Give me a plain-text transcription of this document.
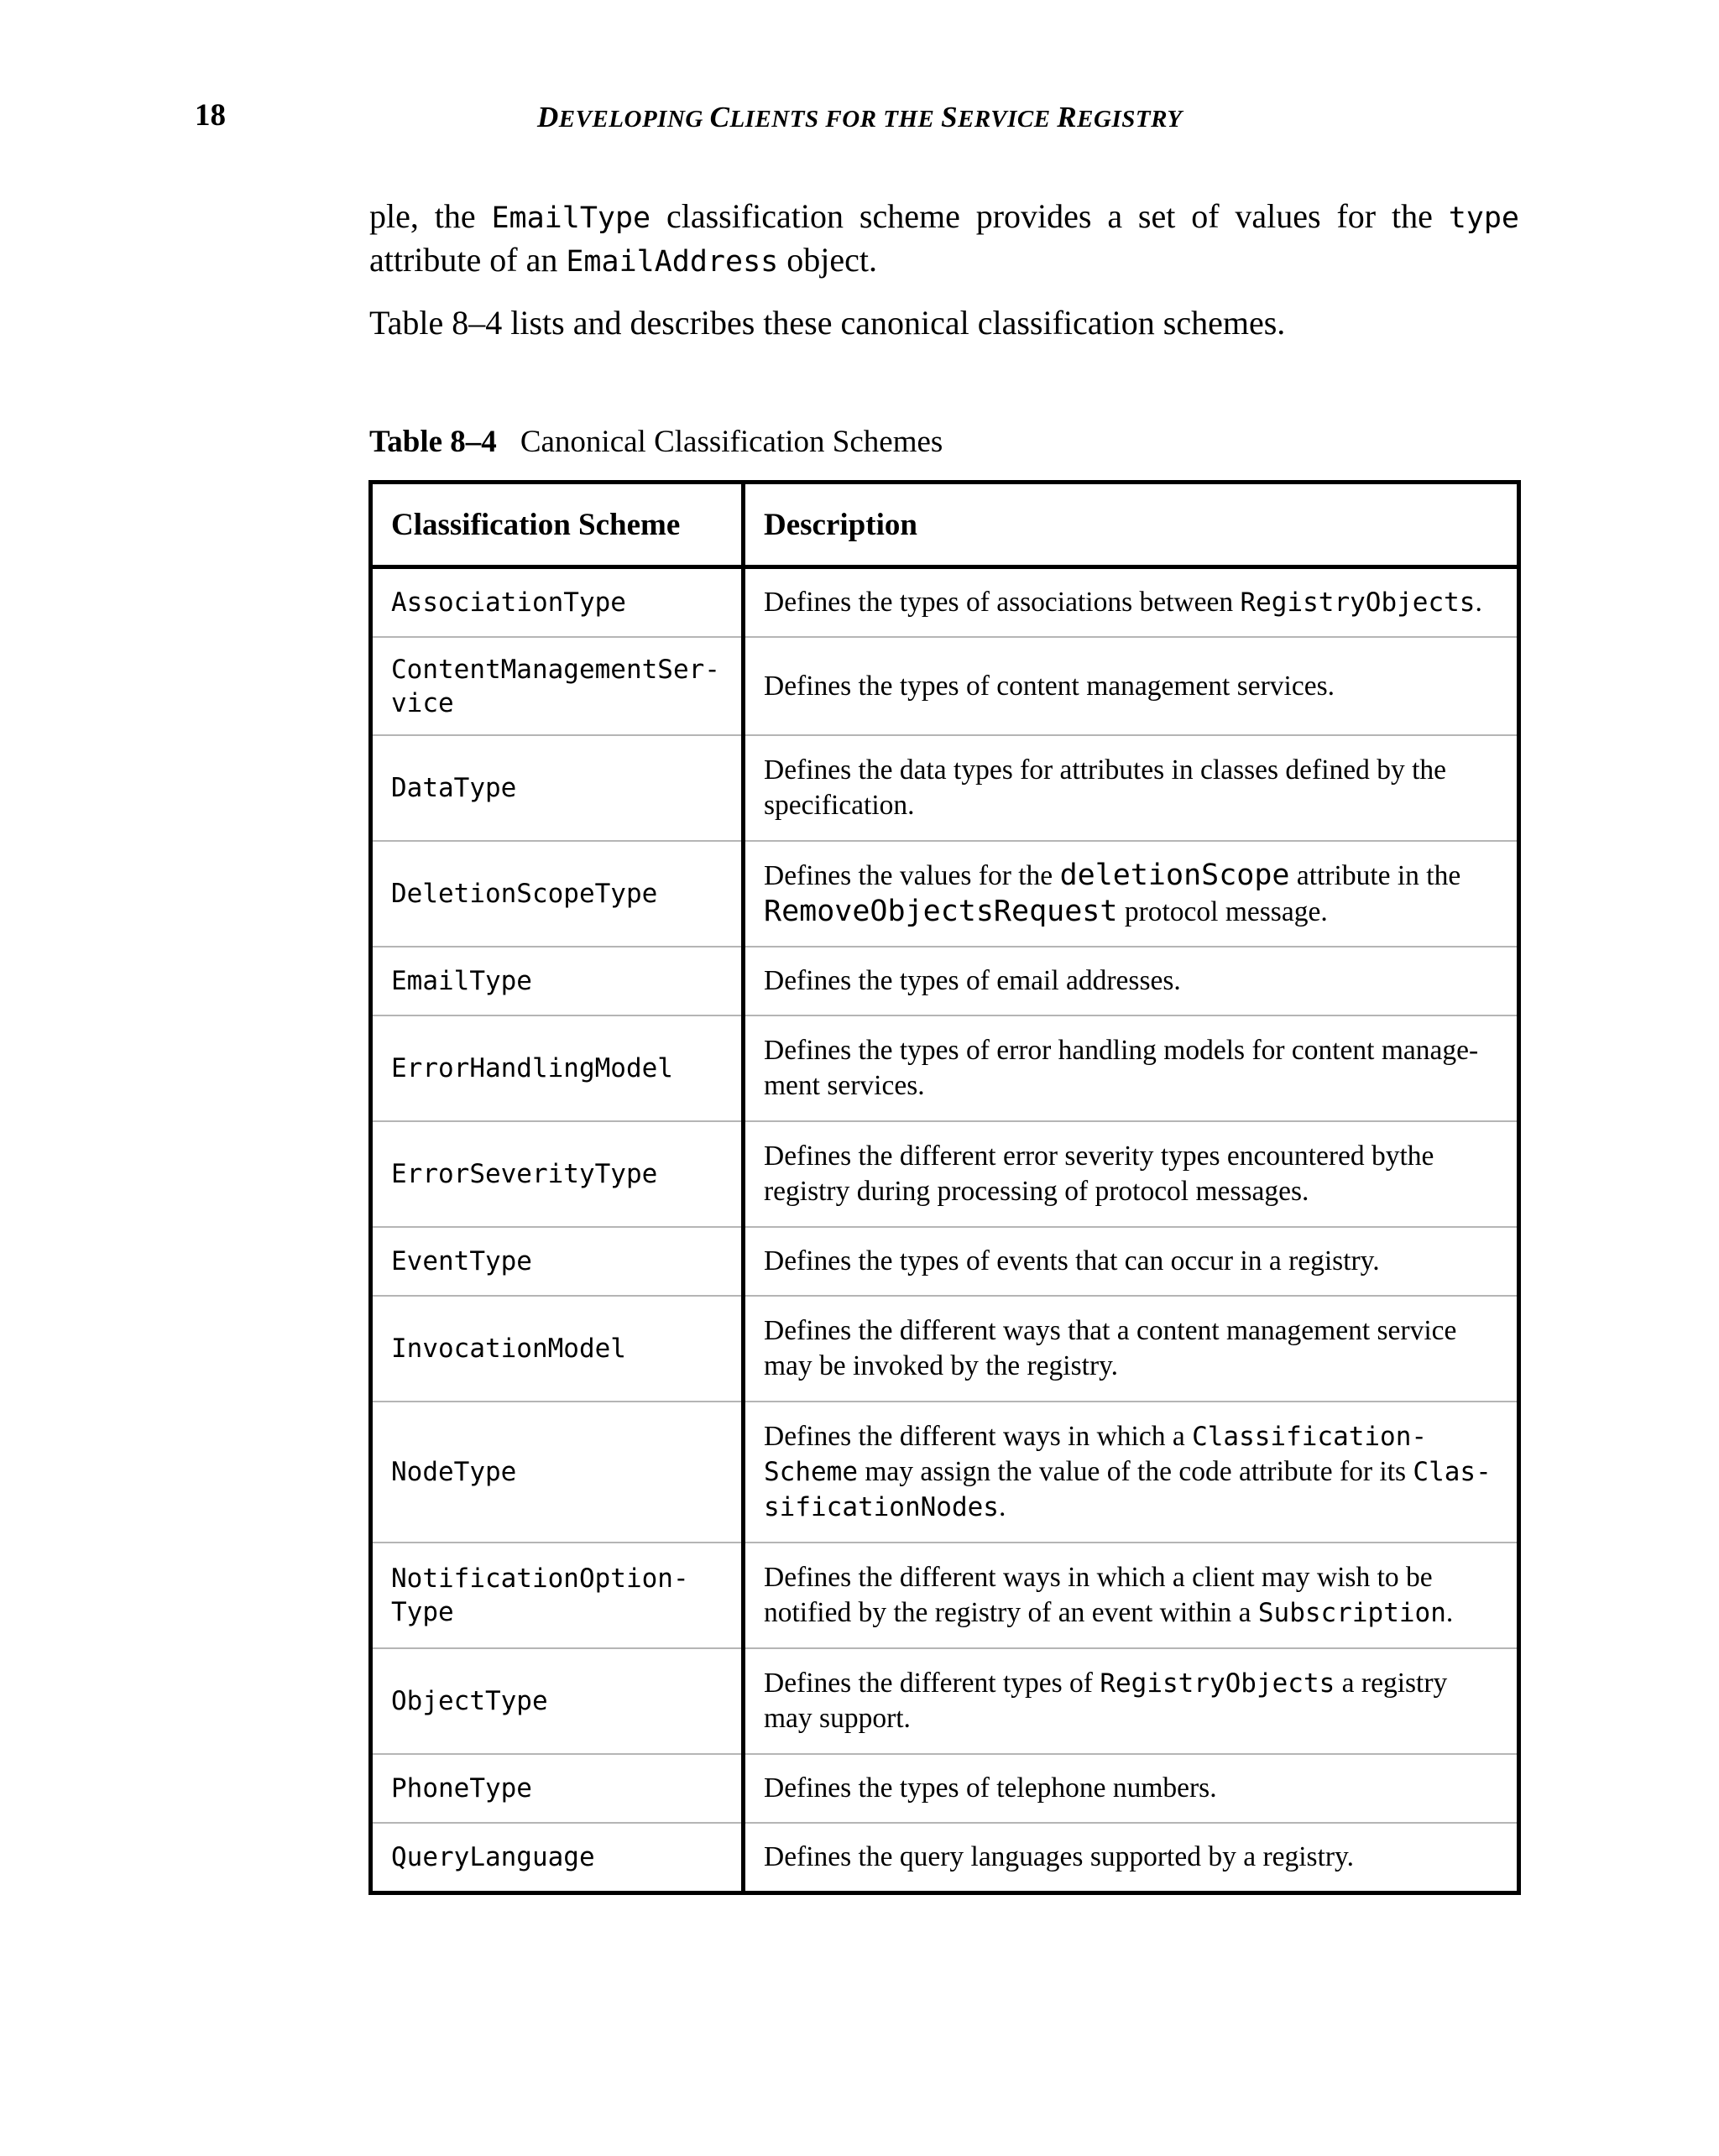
18	DEVELOPING CLIENTS FOR THE SERVICE REGISTRY
ple, the EmailType classification scheme provides a set of values for the type attribute of an EmailAddress object.
Table 8–4 lists and describes these canonical classification schemes.
Table 8–4 Canonical Classification Schemes
Classification Scheme	Description
AssociationType	Defines the types of associations between RegistryObjects.
ContentManagementSer-
vice	Defines the types of content management services.
DataType	Defines the data types for attributes in classes defined by the specification.
DeletionScopeType	Defines the values for the deletionScope attribute in the RemoveObjectsRequest protocol message.
EmailType	Defines the types of email addresses.
ErrorHandlingModel	Defines the types of error handling models for content manage-
ment services.
ErrorSeverityType	Defines the different error severity types encountered bythe
registry during processing of protocol messages.
EventType	Defines the types of events that can occur in a registry.
InvocationModel	Defines the different ways that a content management service may be invoked by the registry.
NodeType	Defines the different ways in which a Classification-
Scheme may assign the value of the code attribute for its Clas-
sificationNodes.
NotificationOption-
Type	Defines the different ways in which a client may wish to be notified by the registry of an event within a Subscription.
ObjectType	Defines the different types of RegistryObjects a registry
may support.
PhoneType	Defines the types of telephone numbers.
QueryLanguage	Defines the query languages supported by a registry.
